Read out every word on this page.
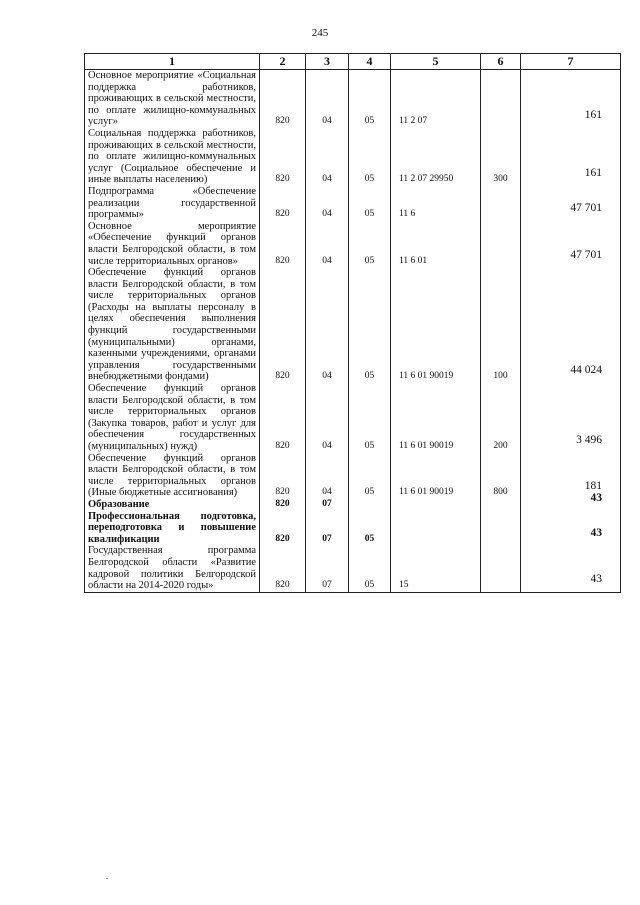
245
1	2	3	4	5	6	7
Основное мероприятие «Социальная поддержка работников, проживающих в сельской местности, по оплате жилищно-коммунальных услуг»	820	04	05	11 2 07		161
Социальная поддержка работников, проживающих в сельской местности, по оплате жилищно-коммунальных услуг (Социальное обеспечение и иные выплаты населению)	820	04	05	11 2 07 29950	300	161
Подпрограмма «Обеспечение реализации государственной программы»	820	04	05	11 6		47 701
Основное мероприятие «Обеспечение функций органов власти Белгородской области, в том числе территориальных органов»	820	04	05	11 6 01		47 701
Обеспечение функций органов власти Белгородской области, в том числе территориальных органов (Расходы на выплаты персоналу в целях обеспечения выполнения функций государственными (муниципальными) органами, казенными учреждениями, органами управления государственными внебюджетными фондами)	820	04	05	11 6 01 90019	100	44 024
Обеспечение функций органов власти Белгородской области, в том числе территориальных органов (Закупка товаров, работ и услуг для обеспечения государственных (муниципальных) нужд)	820	04	05	11 6 01 90019	200	3 496
Обеспечение функций органов власти Белгородской области, в том числе территориальных органов (Иные бюджетные ассигнования)	820	04	05	11 6 01 90019	800	181
Образование	820	07				43
Профессиональная подготовка, переподготовка и повышение квалификации	820	07	05			43
Государственная программа Белгородской области «Развитие кадровой политики Белгородской области на 2014-2020 годы»	820	07	05	15		43
.
